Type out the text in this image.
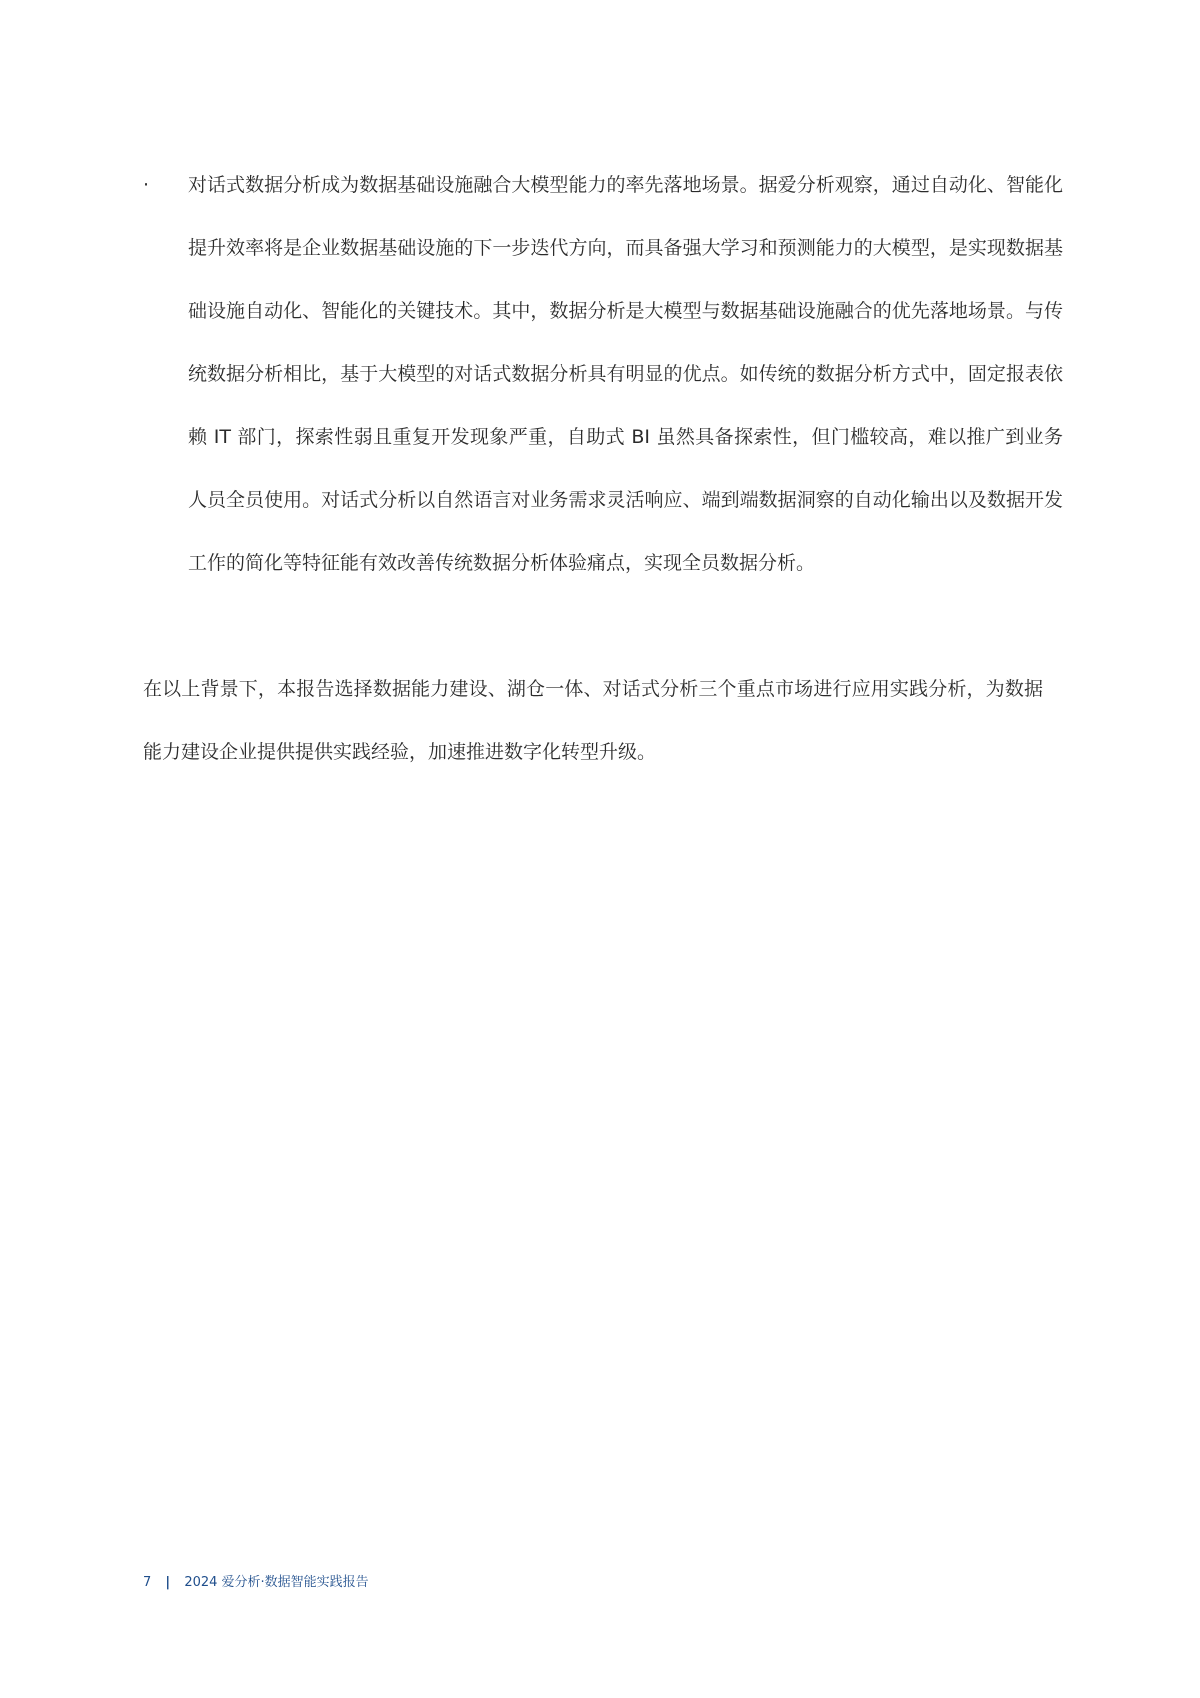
· 对话式数据分析成为数据基础设施融合大模型能力的率先落地场景。据爱分析观察，通过自动化、智能化提升效率将是企业数据基础设施的下一步迭代方向，而具备强大学习和预测能力的大模型，是实现数据基础设施自动化、智能化的关键技术。其中，数据分析是大模型与数据基础设施融合的优先落地场景。与传统数据分析相比，基于大模型的对话式数据分析具有明显的优点。如传统的数据分析方式中，固定报表依赖 IT 部门，探索性弱且重复开发现象严重，自助式 BI 虽然具备探索性，但门槛较高，难以推广到业务人员全员使用。对话式分析以自然语言对业务需求灵活响应、端到端数据洞察的自动化输出以及数据开发工作的简化等特征能有效改善传统数据分析体验痛点，实现全员数据分析。
在以上背景下，本报告选择数据能力建设、湖仓一体、对话式分析三个重点市场进行应用实践分析，为数据能力建设企业提供提供实践经验，加速推进数字化转型升级。
7 | 2024 爱分析·数据智能实践报告
